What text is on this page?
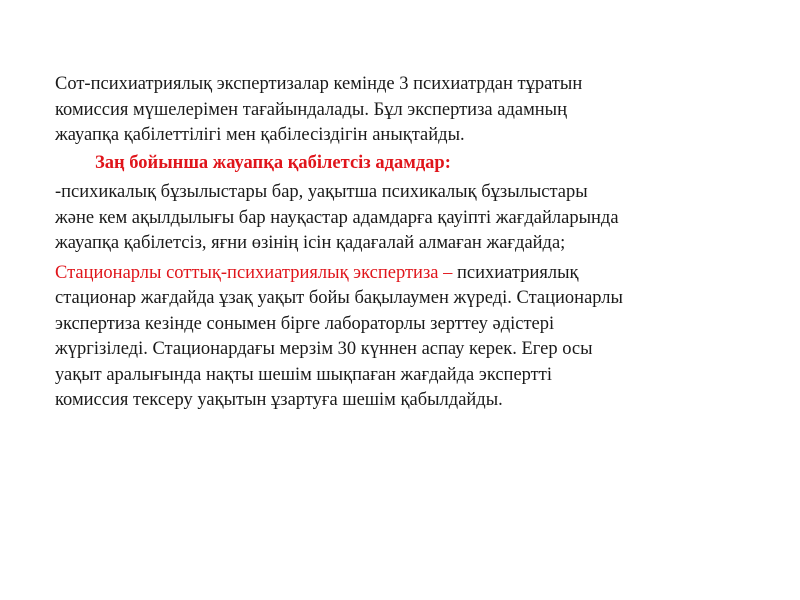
Сот-психиатриялық экспертизалар кемінде 3 психиатрдан тұратын
комиссия мүшелерімен тағайындалады. Бұл экспертиза адамның
жауапқа қабілеттілігі мен қабілесіздігін анықтайды.

Заң бойынша жауапқа қабілетсіз адамдар:

-психикалық бұзылыстары бар, уақытша психикалық бұзылыстары
және кем ақылдылығы бар науқастар адамдарға қауіпті жағдайларында
жауапқа қабілетсіз, яғни өзінің ісін қадағалай алмаған жағдайда;

Стационарлы соттық-психиатриялық экспертиза – психиатриялық
стационар жағдайда ұзақ уақыт бойы бақылаумен жүреді. Стационарлы
экспертиза кезінде сонымен бірге лабораторлы зерттеу әдістері
жүргізіледі. Стационардағы мерзім 30 күннен аспау керек. Егер осы
уақыт аралығында нақты шешім шықпаған жағдайда экспертті
комиссия тексеру уақытын ұзартуға шешім қабылдайды.
